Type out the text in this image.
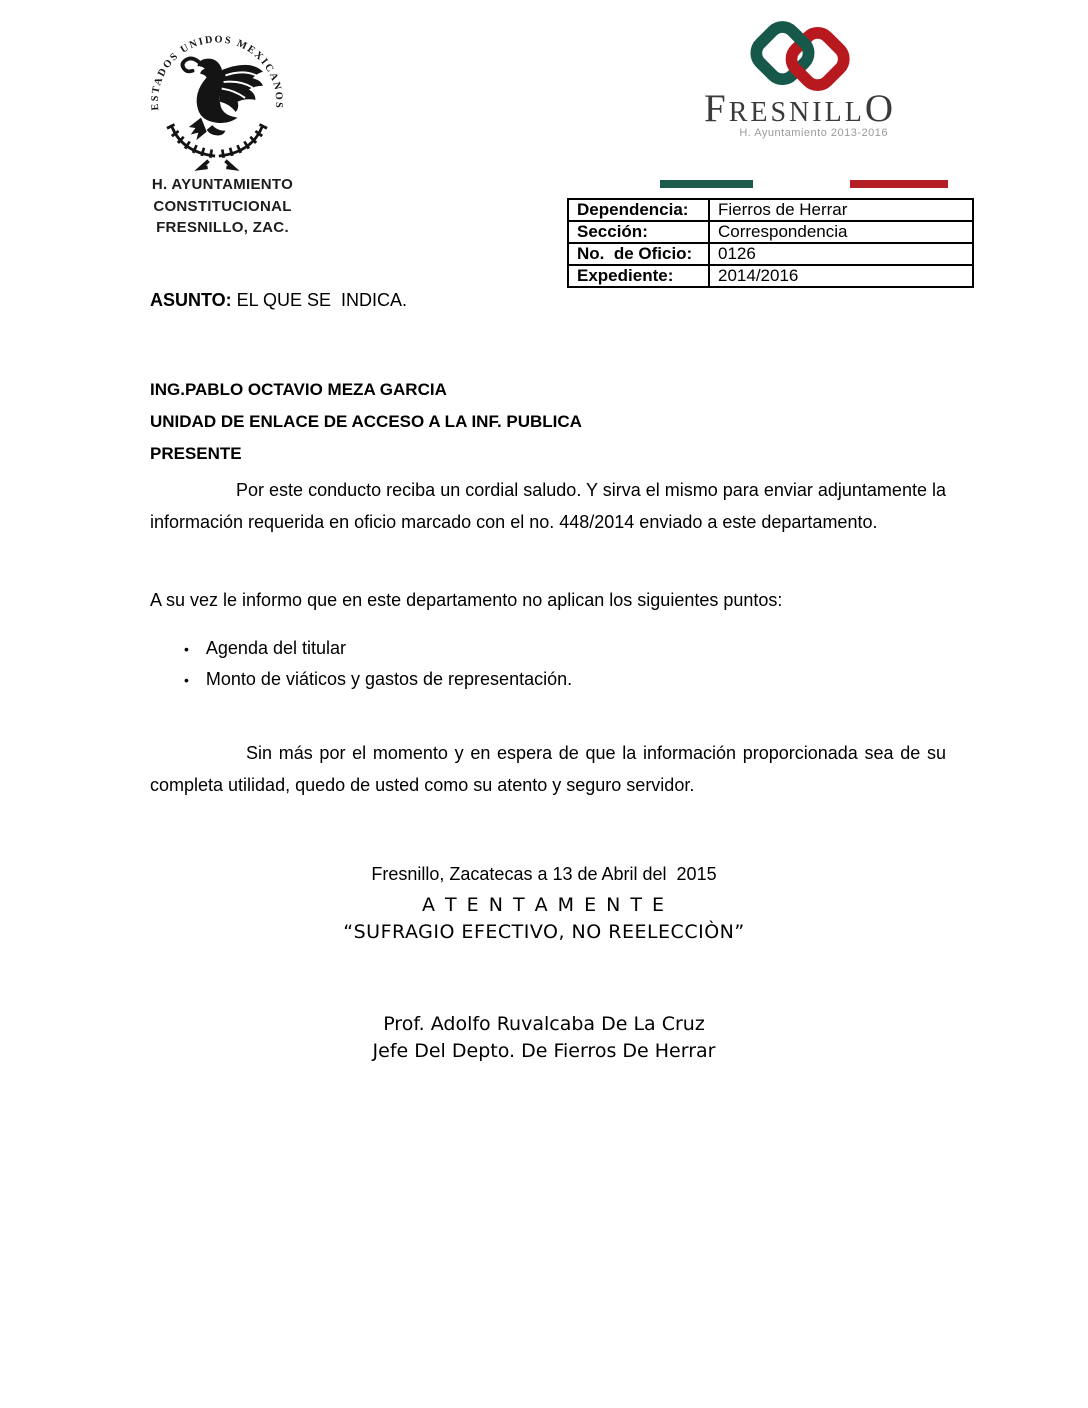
ESTADOS UNIDOS MEXICANOS
H. AYUNTAMIENTO
CONSTITUCIONAL
FRESNILLO, ZAC.
FRESNILLO
H. Ayuntamiento 2013-2016
Dependencia:	Fierros de Herrar
Sección:	Correspondencia
No.  de Oficio:	0126
Expediente:	2014/2016
ASUNTO: EL QUE SE  INDICA.
ING.PABLO OCTAVIO MEZA GARCIA
UNIDAD DE ENLACE DE ACCESO A LA INF. PUBLICA
PRESENTE

Por este conducto reciba un cordial saludo. Y sirva el mismo para enviar adjuntamente la información requerida en oficio marcado con el no. 448/2014 enviado a este departamento.

A su vez le informo que en este departamento no aplican los siguientes puntos:

• Agenda del titular
• Monto de viáticos y gastos de representación.

Sin más por el momento y en espera de que la información proporcionada sea de su completa utilidad, quedo de usted como su atento y seguro servidor.

Fresnillo, Zacatecas a 13 de Abril del  2015
A T E N T A M E N T E
“SUFRAGIO EFECTIVO, NO REELECCIÒN”
Prof. Adolfo Ruvalcaba De La Cruz
Jefe Del Depto. De Fierros De Herrar
